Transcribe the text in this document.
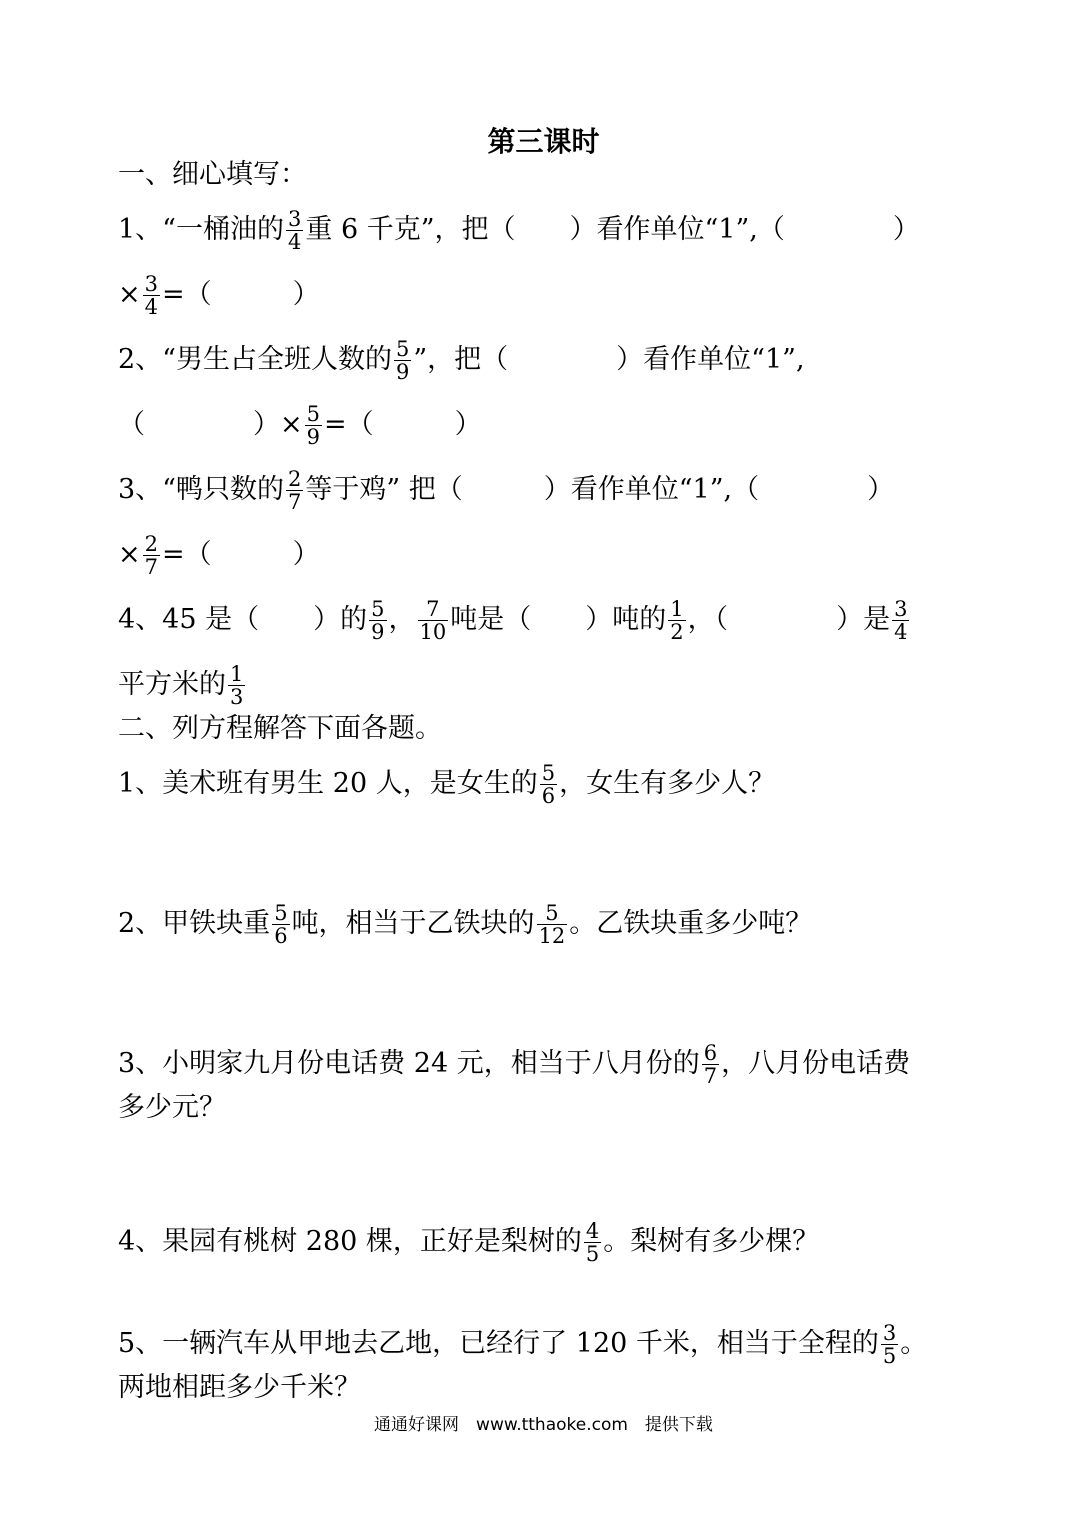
第三课时
一、细心填写：
1、“一桶油的 $\frac{3}{4}$ 重 6 千克”，把（　　）看作单位“1”,（　　　　）
× $\frac{3}{4}$ =（　　　）
2、“男生占全班人数的 $\frac{5}{9}$ ”，把（　　　　）看作单位“1”,
（　　　　）× $\frac{5}{9}$ =（　　　）
3、“鸭只数的 $\frac{2}{7}$ 等于鸡” 把（　　　）看作单位“1”,（　　　　）
× $\frac{2}{7}$ =（　　　）
4、45 是（　　）的 $\frac{5}{9}$ ， $\frac{7}{10}$ 吨是（　　）吨的 $\frac{1}{2}$ ，（　　　　）是 $\frac{3}{4}$
平方米的 $\frac{1}{3}$
二、列方程解答下面各题。
1、美术班有男生 20 人，是女生的 $\frac{5}{6}$ ，女生有多少人？
2、甲铁块重 $\frac{5}{6}$ 吨，相当于乙铁块的 $\frac{5}{12}$ 。乙铁块重多少吨？
3、小明家九月份电话费 24 元，相当于八月份的 $\frac{6}{7}$ ，八月份电话费
多少元？
4、果园有桃树 280 棵，正好是梨树的 $\frac{4}{5}$ 。梨树有多少棵？
5、一辆汽车从甲地去乙地，已经行了 120 千米，相当于全程的 $\frac{3}{5}$ 。
两地相距多少千米？
通通好课网　www.tthaoke.com　提供下载
